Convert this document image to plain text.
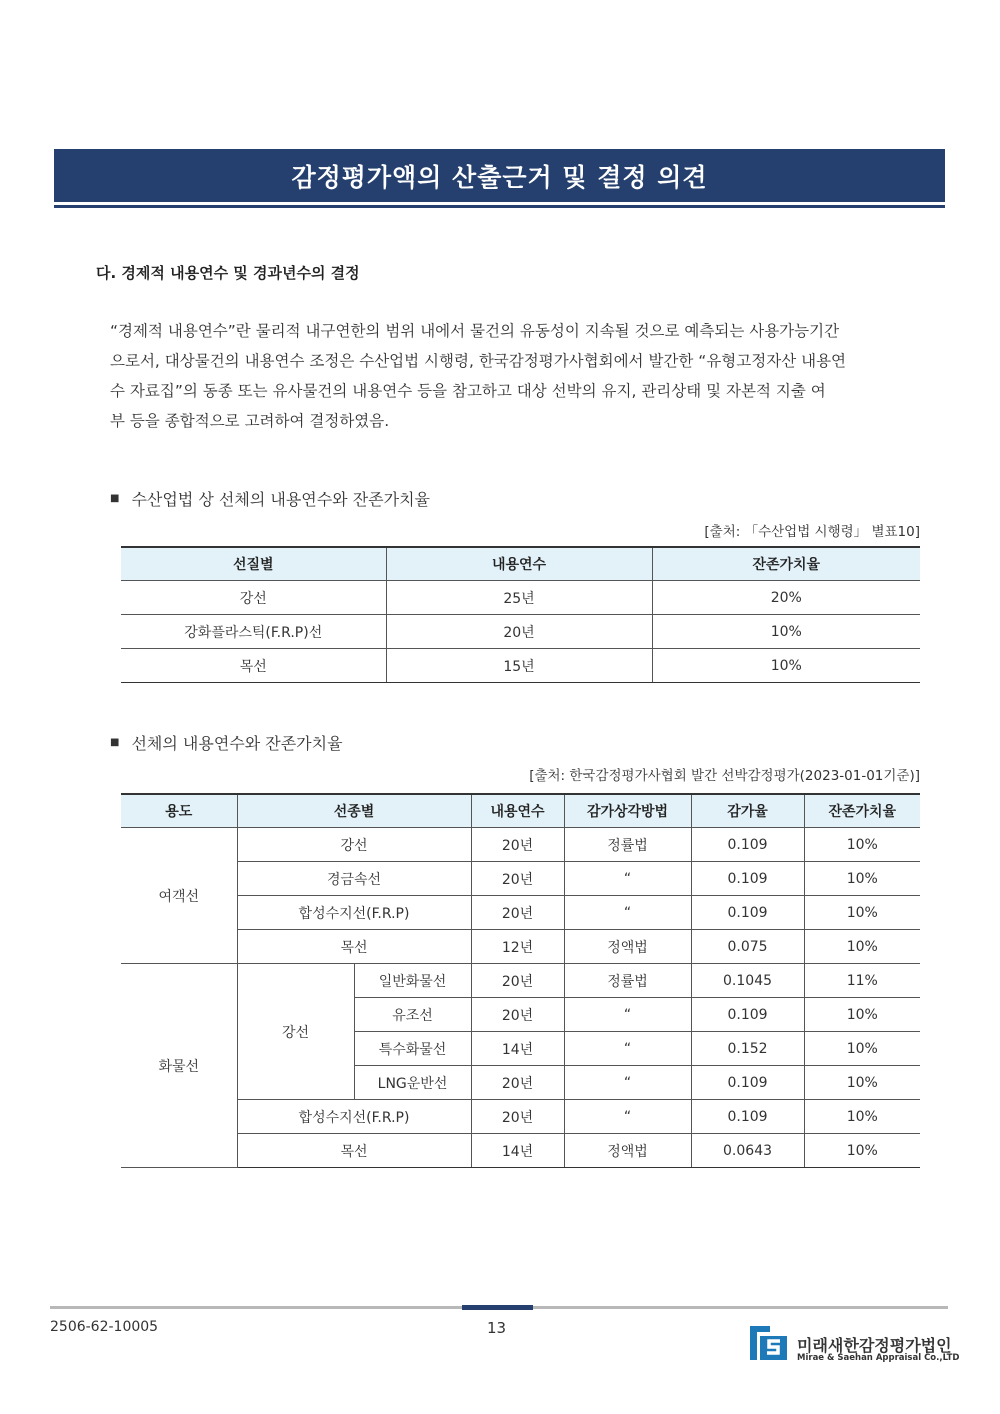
감정평가액의 산출근거 및 결정 의견
다. 경제적 내용연수 및 경과년수의 결정
“경제적 내용연수”란 물리적 내구연한의 범위 내에서 물건의 유동성이 지속될 것으로 예측되는 사용가능기간
으로서, 대상물건의 내용연수 조정은 수산업법 시행령, 한국감정평가사협회에서 발간한 “유형고정자산 내용연
수 자료집”의 동종 또는 유사물건의 내용연수 등을 참고하고 대상 선박의 유지, 관리상태 및 자본적 지출 여
부 등을 종합적으로 고려하여 결정하였음.
■ 수산업법 상 선체의 내용연수와 잔존가치율
[출처: 「수산업법 시행령」 별표10]
선질별	내용연수	잔존가치율
강선	25년	20%
강화플라스틱(F.R.P)선	20년	10%
목선	15년	10%
■ 선체의 내용연수와 잔존가치율
[출처: 한국감정평가사협회 발간 선박감정평가(2023-01-01기준)]
용도	선종별		내용연수	감가상각방법	감가율	잔존가치율
여객선	강선		20년	정률법	0.109	10%
	경금속선		20년	“	0.109	10%
	합성수지선(F.R.P)		20년	“	0.109	10%
	목선		12년	정액법	0.075	10%
화물선	강선	일반화물선	20년	정률법	0.1045	11%
		유조선	20년	“	0.109	10%
		특수화물선	14년	“	0.152	10%
		LNG운반선	20년	“	0.109	10%
	합성수지선(F.R.P)		20년	“	0.109	10%
	목선		14년	정액법	0.0643	10%
2506-62-10005	13
미래새한감정평가법인
Mirae & Saehan Appraisal Co.,LTD
